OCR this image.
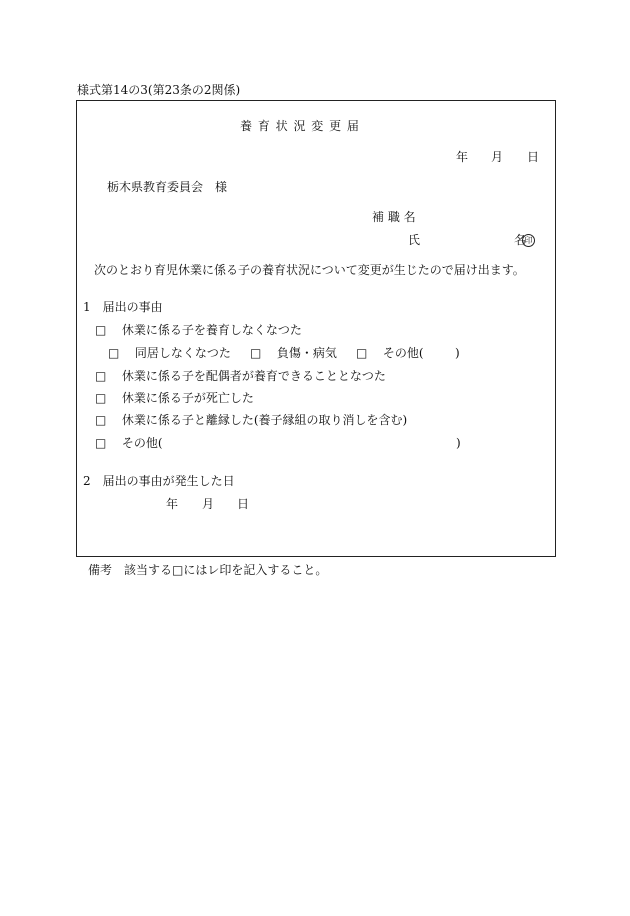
様式第14の3(第23条の2関係)
養 育 状 況 変 更 届
年 月 日
栃木県教育委員会　様
補 職 名
氏	名印
次のとおり育児休業に係る子の養育状況について変更が生じたので届け出ます。
1　届出の事由
□ 休業に係る子を養育しなくなつた
□ 同居しなくなつた □ 負傷・病気 □ その他(	)
□ 休業に係る子を配偶者が養育できることとなつた
□ 休業に係る子が死亡した
□ 休業に係る子と離縁した(養子縁組の取り消しを含む)
□ その他(	)
2　届出の事由が発生した日
年 月 日
備考　該当する□にはレ印を記入すること。
